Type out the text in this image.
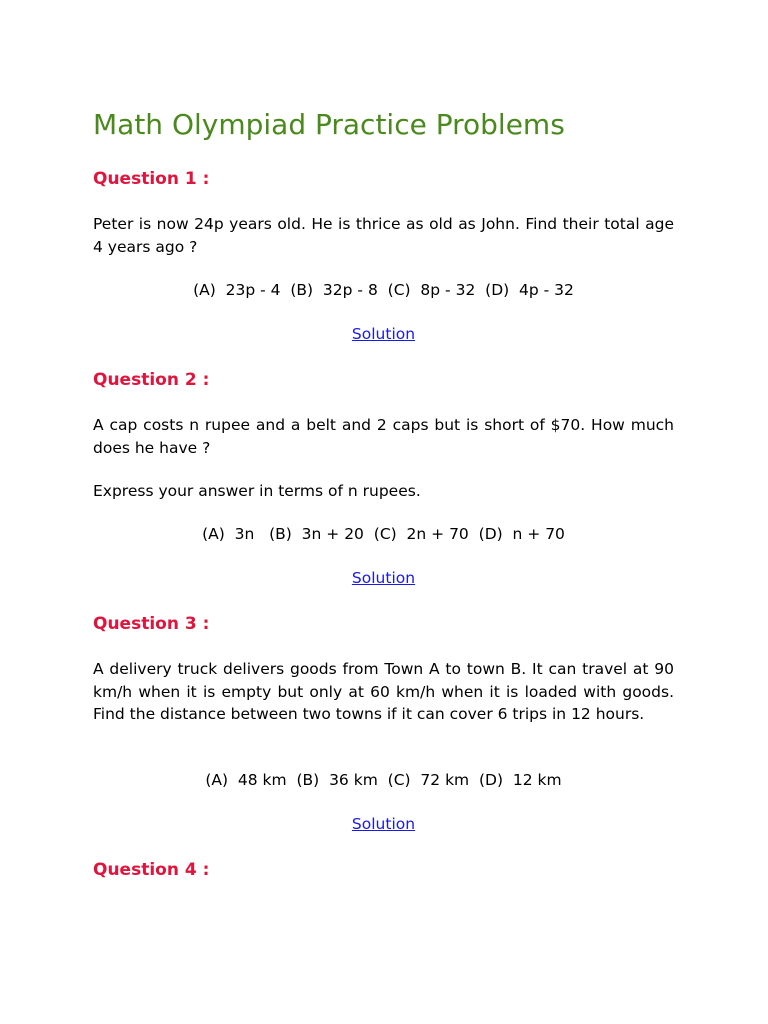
Math Olympiad Practice Problems
Question 1 :

Peter is now 24p years old. He is thrice as old as John. Find their total age 4 years ago ?

(A)  23p - 4  (B)  32p - 8  (C)  8p - 32  (D)  4p - 32

Solution
Question 2 :

A cap costs n rupee and a belt and 2 caps but is short of $70. How much does he have ?

Express your answer in terms of n rupees.

(A)  3n   (B)  3n + 20  (C)  2n + 70  (D)  n + 70

Solution
Question 3 :

A delivery truck delivers goods from Town A to town B. It can travel at 90 km/h when it is empty but only at 60 km/h when it is loaded with goods. Find the distance between two towns if it can cover 6 trips in 12 hours.

(A)  48 km  (B)  36 km  (C)  72 km  (D)  12 km

Solution
Question 4 :
